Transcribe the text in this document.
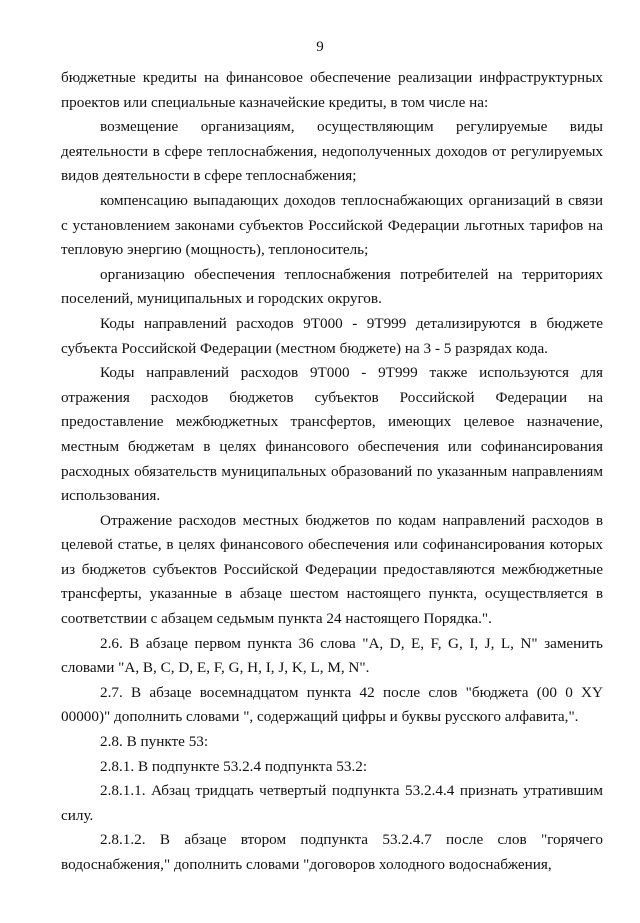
9

бюджетные кредиты на финансовое обеспечение реализации инфраструктурных проектов или специальные казначейские кредиты, в том числе на:

возмещение организациям, осуществляющим регулируемые виды деятельности в сфере теплоснабжения, недополученных доходов от регулируемых видов деятельности в сфере теплоснабжения;

компенсацию выпадающих доходов теплоснабжающих организаций в связи с установлением законами субъектов Российской Федерации льготных тарифов на тепловую энергию (мощность), теплоноситель;

организацию обеспечения теплоснабжения потребителей на территориях поселений, муниципальных и городских округов.

Коды направлений расходов 9Т000 - 9Т999 детализируются в бюджете субъекта Российской Федерации (местном бюджете) на 3 - 5 разрядах кода.

Коды направлений расходов 9Т000 - 9Т999 также используются для отражения расходов бюджетов субъектов Российской Федерации на предоставление межбюджетных трансфертов, имеющих целевое назначение, местным бюджетам в целях финансового обеспечения или софинансирования расходных обязательств муниципальных образований по указанным направлениям использования.

Отражение расходов местных бюджетов по кодам направлений расходов в целевой статье, в целях финансового обеспечения или софинансирования которых из бюджетов субъектов Российской Федерации предоставляются межбюджетные трансферты, указанные в абзаце шестом настоящего пункта, осуществляется в соответствии с абзацем седьмым пункта 24 настоящего Порядка.".

2.6. В абзаце первом пункта 36 слова "A, D, E, F, G, I, J, L, N" заменить словами "A, B, C, D, E, F, G, H, I, J, K, L, M, N".

2.7. В абзаце восемнадцатом пункта 42 после слов "бюджета (00 0 XY 00000)" дополнить словами ", содержащий цифры и буквы русского алфавита,".

2.8. В пункте 53:

2.8.1. В подпункте 53.2.4 подпункта 53.2:

2.8.1.1. Абзац тридцать четвертый подпункта 53.2.4.4 признать утратившим силу.

2.8.1.2. В абзаце втором подпункта 53.2.4.7 после слов "горячего водоснабжения," дополнить словами "договоров холодного водоснабжения,
